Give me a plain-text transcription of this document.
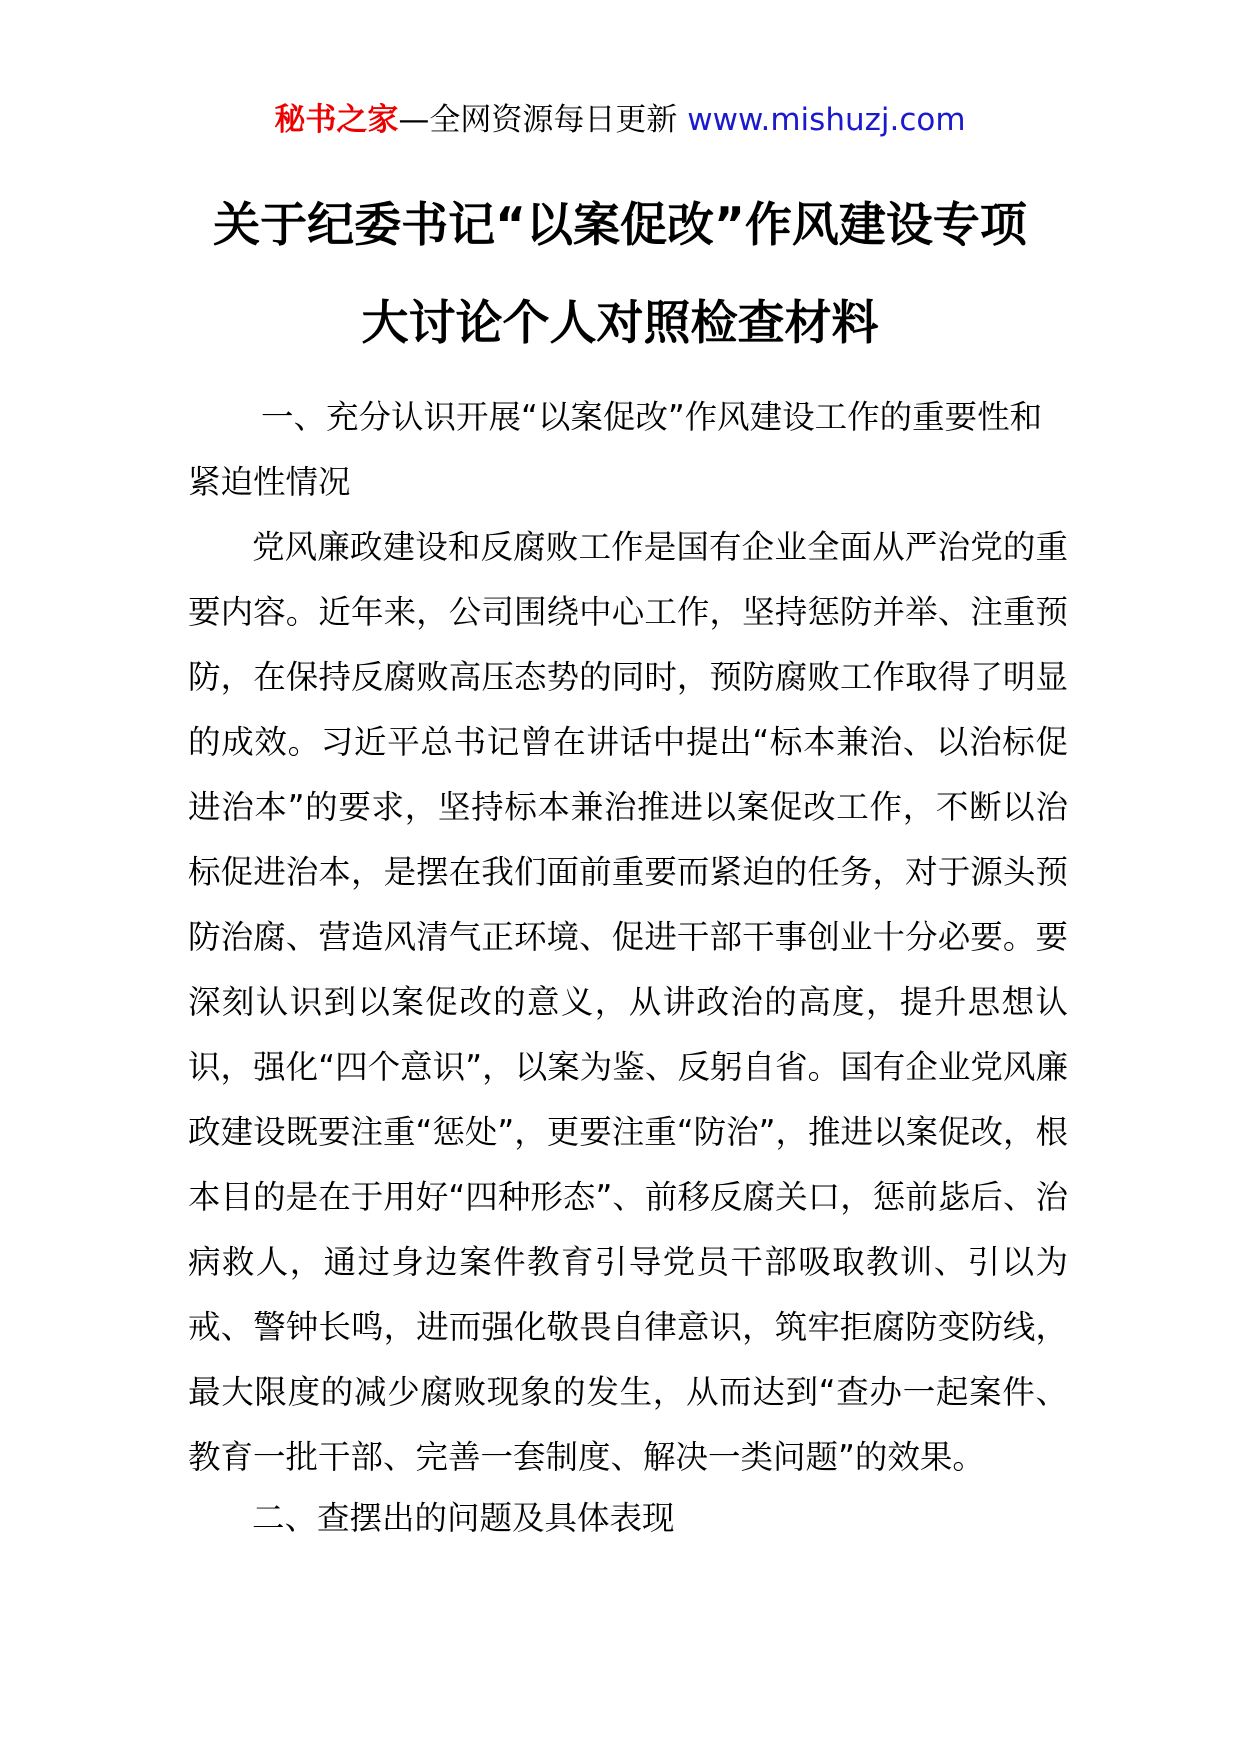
秘书之家—全网资源每日更新 www.mishuzj.com
关于纪委书记“以案促改”作风建设专项
大讨论个人对照检查材料

一、充分认识开展“以案促改”作风建设工作的重要性和紧迫性情况

党风廉政建设和反腐败工作是国有企业全面从严治党的重要内容。近年来，公司围绕中心工作，坚持惩防并举、注重预防，在保持反腐败高压态势的同时，预防腐败工作取得了明显的成效。习近平总书记曾在讲话中提出“标本兼治、以治标促进治本”的要求，坚持标本兼治推进以案促改工作，不断以治标促进治本，是摆在我们面前重要而紧迫的任务，对于源头预防治腐、营造风清气正环境、促进干部干事创业十分必要。要深刻认识到以案促改的意义，从讲政治的高度，提升思想认识，强化“四个意识”，以案为鉴、反躬自省。国有企业党风廉政建设既要注重“惩处”，更要注重“防治”，推进以案促改，根本目的是在于用好“四种形态”、前移反腐关口，惩前毖后、治病救人，通过身边案件教育引导党员干部吸取教训、引以为戒、警钟长鸣，进而强化敬畏自律意识，筑牢拒腐防变防线，最大限度的减少腐败现象的发生，从而达到“查办一起案件、教育一批干部、完善一套制度、解决一类问题”的效果。

二、查摆出的问题及具体表现
